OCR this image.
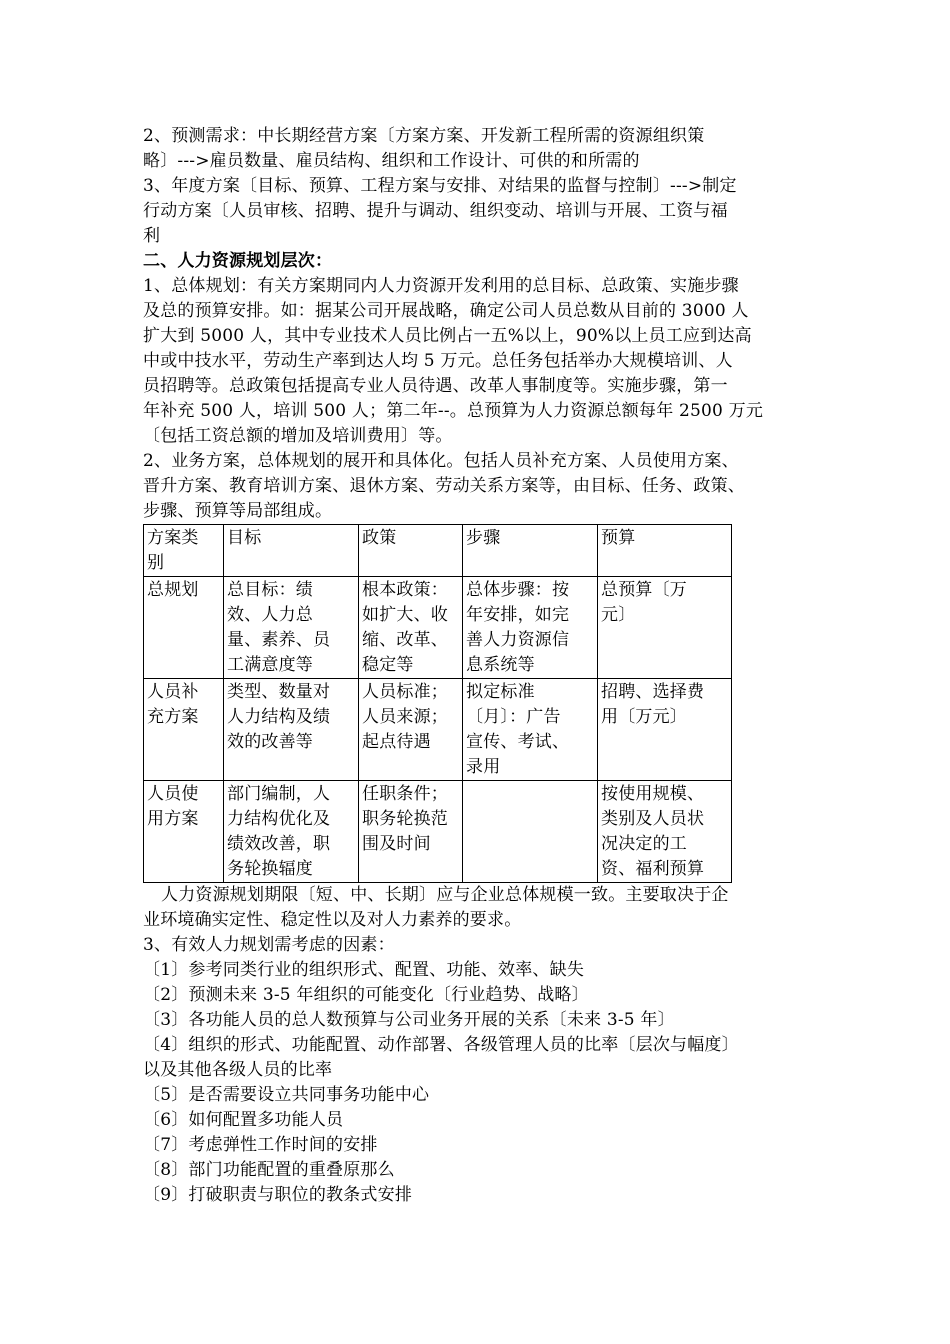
2、预测需求：中长期经营方案〔方案方案、开发新工程所需的资源组织策
略〕--->雇员数量、雇员结构、组织和工作设计、可供的和所需的
3、年度方案〔目标、预算、工程方案与安排、对结果的监督与控制〕--->制定
行动方案〔人员审核、招聘、提升与调动、组织变动、培训与开展、工资与福
利
二、人力资源规划层次：
1、总体规划：有关方案期同内人力资源开发利用的总目标、总政策、实施步骤
及总的预算安排。如：据某公司开展战略，确定公司人员总数从目前的 3000 人
扩大到 5000 人，其中专业技术人员比例占一五%以上，90%以上员工应到达高
中或中技水平，劳动生产率到达人均 5 万元。总任务包括举办大规模培训、人
员招聘等。总政策包括提高专业人员待遇、改革人事制度等。实施步骤，第一
年补充 500 人，培训 500 人；第二年--。总预算为人力资源总额每年 2500 万元
〔包括工资总额的增加及培训费用〕等。
2、业务方案，总体规划的展开和具体化。包括人员补充方案、人员使用方案、
晋升方案、教育培训方案、退休方案、劳动关系方案等，由目标、任务、政策、
步骤、预算等局部组成。
方案类
别	目标	政策	步骤	预算

总规划	总目标：绩
效、人力总
量、素养、员
工满意度等	根本政策：
如扩大、收
缩、改革、
稳定等	总体步骤：按
年安排，如完
善人力资源信
息系统等	总预算〔万
元〕

人员补
充方案	类型、数量对
人力结构及绩
效的改善等	人员标准；
人员来源；
起点待遇	拟定标准
〔月〕：广告
宣传、考试、
录用	招聘、选择费
用〔万元〕

人员使
用方案	部门编制，人
力结构优化及
绩效改善，职
务轮换辐度	任职条件；
职务轮换范
围及时间		按使用规模、
类别及人员状
况决定的工
资、福利预算
人力资源规划期限〔短、中、长期〕应与企业总体规模一致。主要取决于企
业环境确实定性、稳定性以及对人力素养的要求。
3、有效人力规划需考虑的因素：
〔1〕参考同类行业的组织形式、配置、功能、效率、缺失
〔2〕预测未来 3-5 年组织的可能变化〔行业趋势、战略〕
〔3〕各功能人员的总人数预算与公司业务开展的关系〔未来 3-5 年〕
〔4〕组织的形式、功能配置、动作部署、各级管理人员的比率〔层次与幅度〕
以及其他各级人员的比率
〔5〕是否需要设立共同事务功能中心
〔6〕如何配置多功能人员
〔7〕考虑弹性工作时间的安排
〔8〕部门功能配置的重叠原那么
〔9〕打破职责与职位的教条式安排
